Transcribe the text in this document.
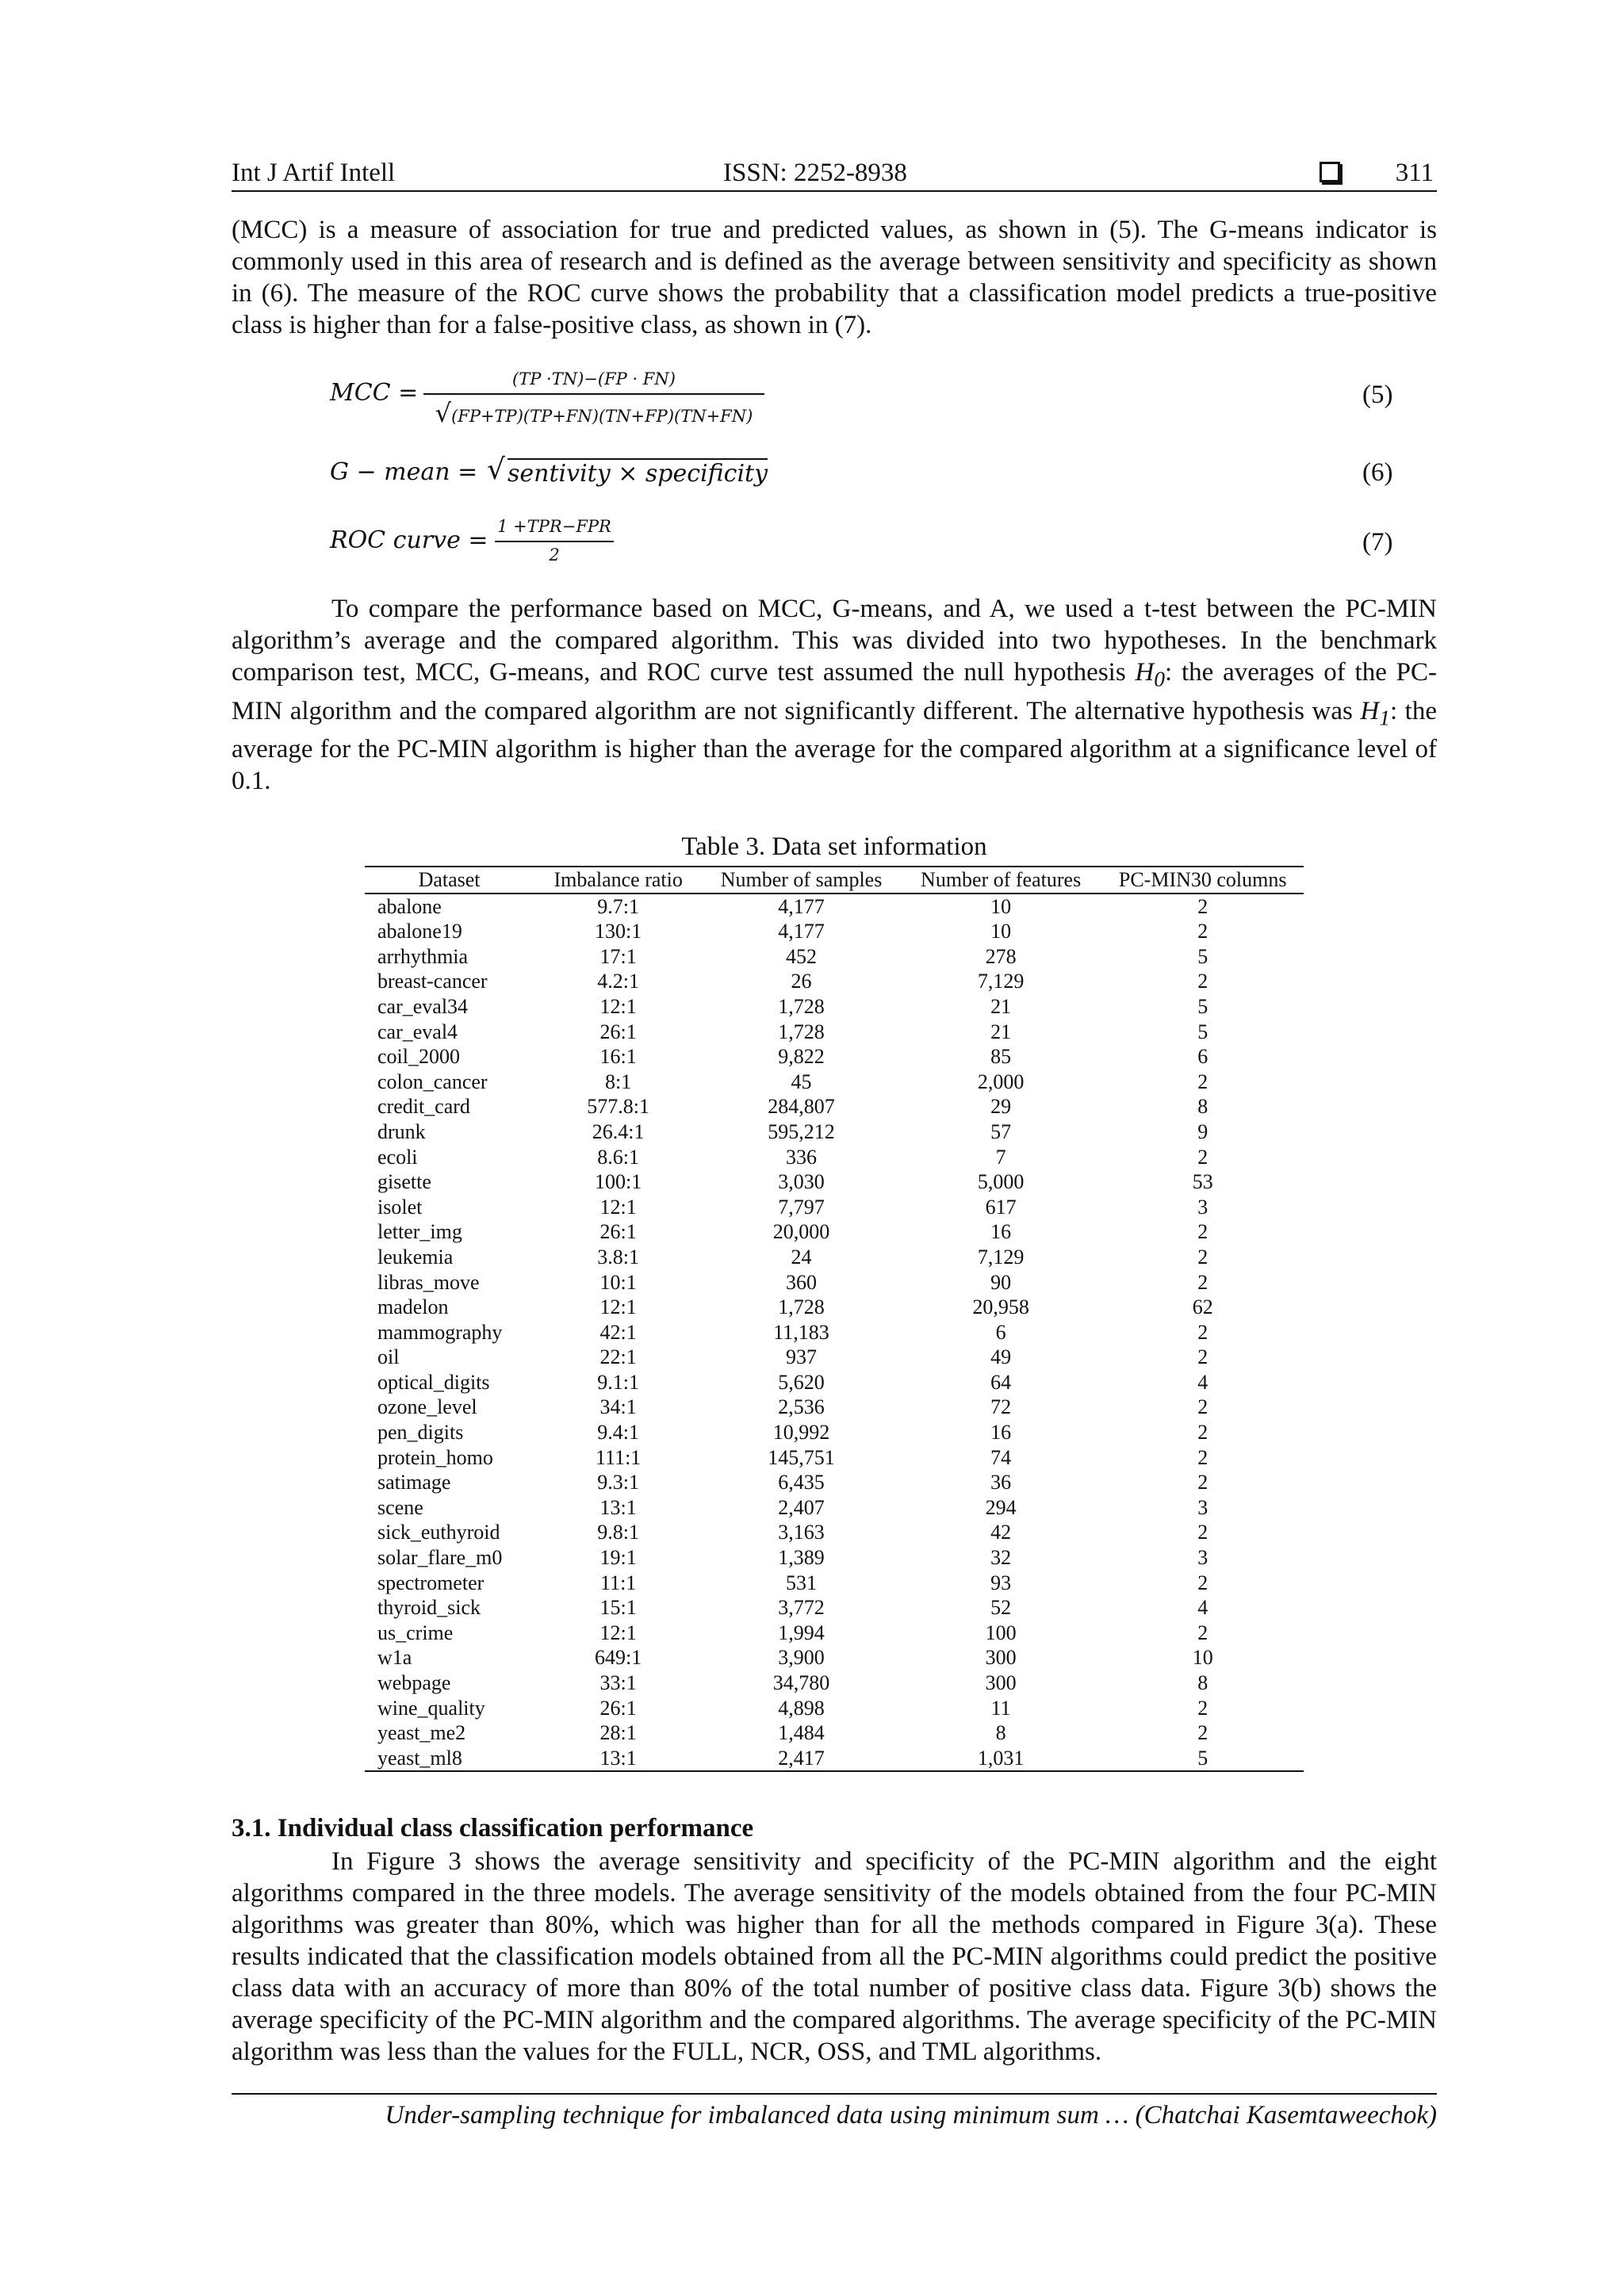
Int J Artif Intell	ISSN: 2252-8938	311

(MCC) is a measure of association for true and predicted values, as shown in (5). The G-means indicator is commonly used in this area of research and is defined as the average between sensitivity and specificity as shown in (6). The measure of the ROC curve shows the probability that a classification model predicts a true-positive class is higher than for a false-positive class, as shown in (7).

MCC =	(TP ·TN)−(FP · FN)
√(FP+TP)(TP+FN)(TN+FP)(TN+FN)
(5)
G − mean = √ sentivity × specificity	(6)
ROC curve = 1 +TPR−FPR
2	(7)

To compare the performance based on MCC, G-means, and A, we used a t-test between the PC-MIN algorithm’s average and the compared algorithm. This was divided into two hypotheses. In the benchmark comparison test, MCC, G-means, and ROC curve test assumed the null hypothesis $H_0$: the averages of the PC-MIN algorithm and the compared algorithm are not significantly different. The alternative hypothesis was $H_1$: the average for the PC-MIN algorithm is higher than the average for the compared algorithm at a significance level of 0.1.

Table 3. Data set information
Dataset	Imbalance ratio	Number of samples	Number of features	PC-MIN30 columns
abalone	9.7:1	4,177	10	2
abalone19	130:1	4,177	10	2
arrhythmia	17:1	452	278	5
breast-cancer	4.2:1	26	7,129	2
car_eval34	12:1	1,728	21	5
car_eval4	26:1	1,728	21	5
coil_2000	16:1	9,822	85	6
colon_cancer	8:1	45	2,000	2
credit_card	577.8:1	284,807	29	8
drunk	26.4:1	595,212	57	9
ecoli	8.6:1	336	7	2
gisette	100:1	3,030	5,000	53
isolet	12:1	7,797	617	3
letter_img	26:1	20,000	16	2
leukemia	3.8:1	24	7,129	2
libras_move	10:1	360	90	2
madelon	12:1	1,728	20,958	62
mammography	42:1	11,183	6	2
oil	22:1	937	49	2
optical_digits	9.1:1	5,620	64	4
ozone_level	34:1	2,536	72	2
pen_digits	9.4:1	10,992	16	2
protein_homo	111:1	145,751	74	2
satimage	9.3:1	6,435	36	2
scene	13:1	2,407	294	3
sick_euthyroid	9.8:1	3,163	42	2
solar_flare_m0	19:1	1,389	32	3
spectrometer	11:1	531	93	2
thyroid_sick	15:1	3,772	52	4
us_crime	12:1	1,994	100	2
w1a	649:1	3,900	300	10
webpage	33:1	34,780	300	8
wine_quality	26:1	4,898	11	2
yeast_me2	28:1	1,484	8	2
yeast_ml8	13:1	2,417	1,031	5
3.1. Individual class classification performance

In Figure 3 shows the average sensitivity and specificity of the PC-MIN algorithm and the eight algorithms compared in the three models. The average sensitivity of the models obtained from the four PC-MIN algorithms was greater than 80%, which was higher than for all the methods compared in Figure 3(a). These results indicated that the classification models obtained from all the PC-MIN algorithms could predict the positive class data with an accuracy of more than 80% of the total number of positive class data. Figure 3(b) shows the average specificity of the PC-MIN algorithm and the compared algorithms. The average specificity of the PC-MIN algorithm was less than the values for the FULL, NCR, OSS, and TML algorithms.

Under-sampling technique for imbalanced data using minimum sum … (Chatchai Kasemtaweechok)
